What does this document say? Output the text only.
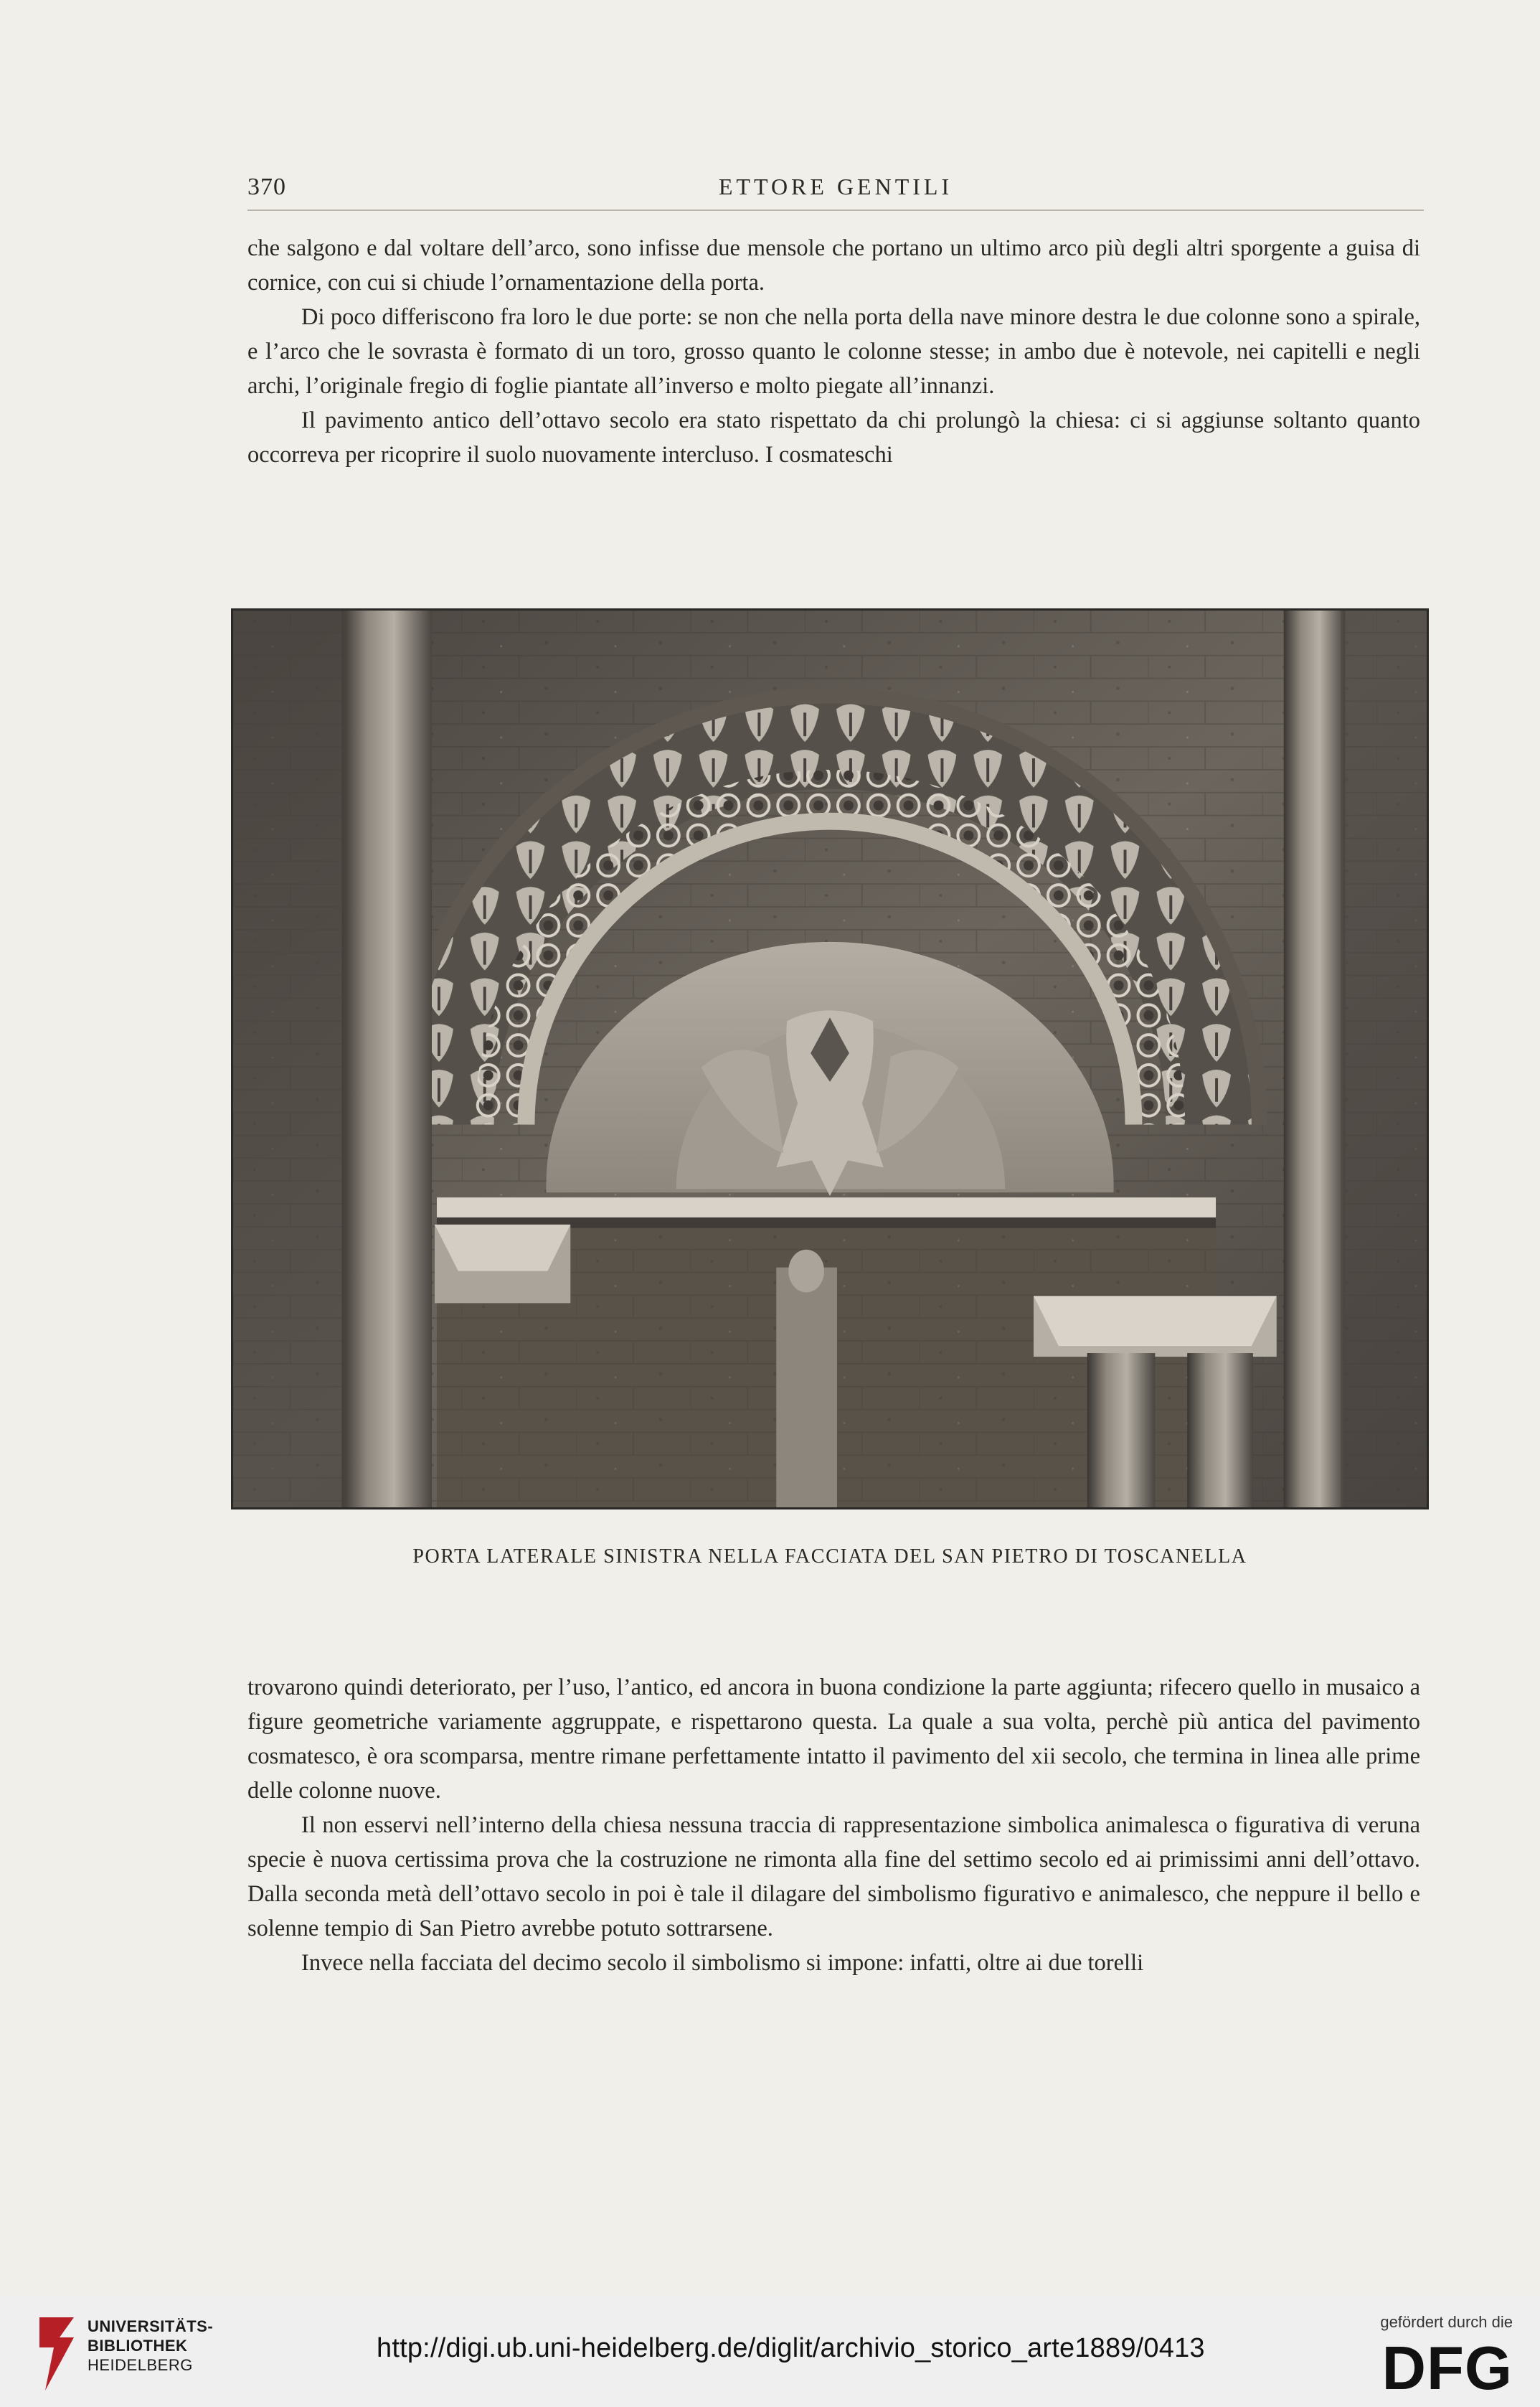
370	ETTORE GENTILI

che salgono e dal voltare dell’arco, sono infisse due mensole che portano un ultimo arco più degli altri sporgente a guisa di cornice, con cui si chiude l’ornamentazione della porta.

Di poco differiscono fra loro le due porte: se non che nella porta della nave minore destra le due colonne sono a spirale, e l’arco che le sovrasta è formato di un toro, grosso quanto le colonne stesse; in ambo due è notevole, nei capitelli e negli archi, l’originale fregio di foglie piantate all’inverso e molto piegate all’innanzi.

Il pavimento antico dell’ottavo secolo era stato rispettato da chi prolungò la chiesa: ci si aggiunse soltanto quanto occorreva per ricoprire il suolo nuovamente intercluso. I cosmateschi

PORTA LATERALE SINISTRA NELLA FACCIATA DEL SAN PIETRO DI TOSCANELLA

trovarono quindi deteriorato, per l’uso, l’antico, ed ancora in buona condizione la parte aggiunta; rifecero quello in musaico a figure geometriche variamente aggruppate, e rispettarono questa. La quale a sua volta, perchè più antica del pavimento cosmatesco, è ora scomparsa, mentre rimane perfettamente intatto il pavimento del xii secolo, che termina in linea alle prime delle colonne nuove.

Il non esservi nell’interno della chiesa nessuna traccia di rappresentazione simbolica animalesca o figurativa di veruna specie è nuova certissima prova che la costruzione ne rimonta alla fine del settimo secolo ed ai primissimi anni dell’ottavo. Dalla seconda metà dell’ottavo secolo in poi è tale il dilagare del simbolismo figurativo e animalesco, che neppure il bello e solenne tempio di San Pietro avrebbe potuto sottrarsene.

Invece nella facciata del decimo secolo il simbolismo si impone: infatti, oltre ai due torelli

UNIVERSITÄTS-
BIBLIOTHEK
HEIDELBERG
http://digi.ub.uni-heidelberg.de/diglit/archivio_storico_arte1889/0413
gefördert durch die
DFG
